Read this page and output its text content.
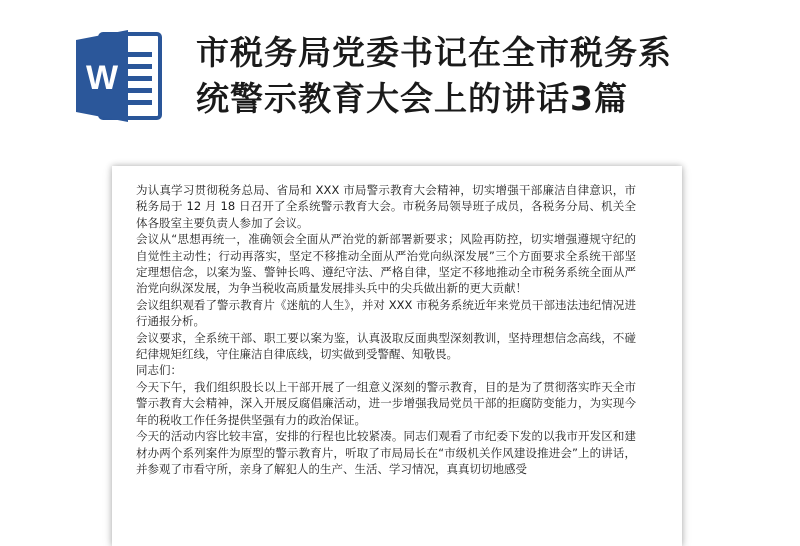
W
市税务局党委书记在全市税务系
统警示教育大会上的讲话3篇

为认真学习贯彻税务总局、省局和 XXX 市局警示教育大会精神，切实增强干部廉洁自律意识，市税务局于 12 月 18 日召开了全系统警示教育大会。市税务局领导班子成员，各税务分局、机关全体各股室主要负责人参加了会议。

会议从“思想再统一，准确领会全面从严治党的新部署新要求；风险再防控，切实增强遵规守纪的自觉性主动性；行动再落实，坚定不移推动全面从严治党向纵深发展”三个方面要求全系统干部坚定理想信念，以案为鉴、警钟长鸣、遵纪守法、严格自律，坚定不移地推动全市税务系统全面从严治党向纵深发展，为争当税收高质量发展排头兵中的尖兵做出新的更大贡献！

会议组织观看了警示教育片《迷航的人生》，并对 XXX 市税务系统近年来党员干部违法违纪情况进行通报分析。

会议要求，全系统干部、职工要以案为鉴，认真汲取反面典型深刻教训，坚持理想信念高线，不碰纪律规矩红线，守住廉洁自律底线，切实做到受警醒、知敬畏。

同志们：

今天下午，我们组织股长以上干部开展了一组意义深刻的警示教育，目的是为了贯彻落实昨天全市警示教育大会精神，深入开展反腐倡廉活动，进一步增强我局党员干部的拒腐防变能力，为实现今年的税收工作任务提供坚强有力的政治保证。

今天的活动内容比较丰富，安排的行程也比较紧凑。同志们观看了市纪委下发的以我市开发区和建材办两个系列案件为原型的警示教育片，听取了市局局长在“市级机关作风建设推进会”上的讲话，并参观了市看守所，亲身了解犯人的生产、生活、学习情况，真真切切地感受
